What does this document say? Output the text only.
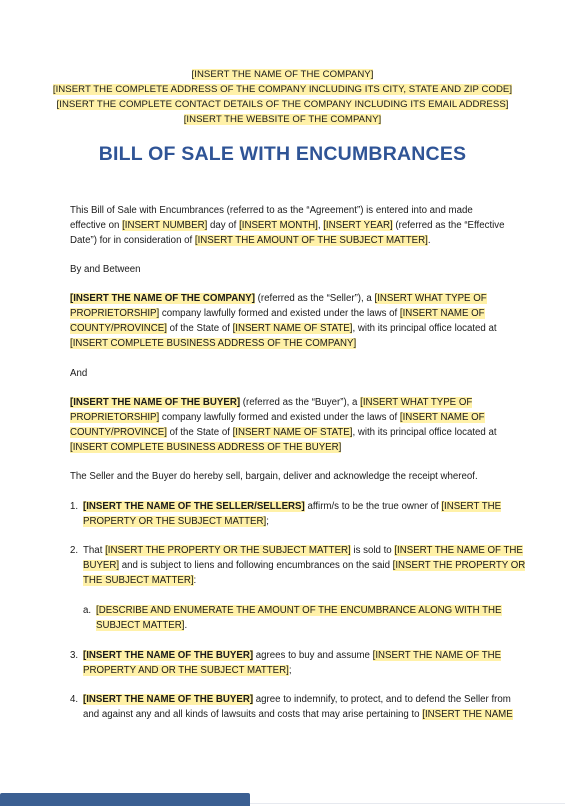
[INSERT THE NAME OF THE COMPANY]
[INSERT THE COMPLETE ADDRESS OF THE COMPANY INCLUDING ITS CITY, STATE AND ZIP CODE]
[INSERT THE COMPLETE CONTACT DETAILS OF THE COMPANY INCLUDING ITS EMAIL ADDRESS]
[INSERT THE WEBSITE OF THE COMPANY]
BILL OF SALE WITH ENCUMBRANCES
This Bill of Sale with Encumbrances (referred to as the “Agreement”) is entered into and made
effective on [INSERT NUMBER] day of [INSERT MONTH], [INSERT YEAR] (referred as the “Effective
Date”) for in consideration of [INSERT THE AMOUNT OF THE SUBJECT MATTER].
By and Between
[INSERT THE NAME OF THE COMPANY] (referred as the “Seller”), a [INSERT WHAT TYPE OF
PROPRIETORSHIP] company lawfully formed and existed under the laws of [INSERT NAME OF
COUNTY/PROVINCE] of the State of [INSERT NAME OF STATE], with its principal office located at
[INSERT COMPLETE BUSINESS ADDRESS OF THE COMPANY]
And
[INSERT THE NAME OF THE BUYER] (referred as the “Buyer”), a [INSERT WHAT TYPE OF
PROPRIETORSHIP] company lawfully formed and existed under the laws of [INSERT NAME OF
COUNTY/PROVINCE] of the State of [INSERT NAME OF STATE], with its principal office located at
[INSERT COMPLETE BUSINESS ADDRESS OF THE BUYER]
The Seller and the Buyer do hereby sell, bargain, deliver and acknowledge the receipt whereof.
1. [INSERT THE NAME OF THE SELLER/SELLERS] affirm/s to be the true owner of [INSERT THE
PROPERTY OR THE SUBJECT MATTER];
2. That [INSERT THE PROPERTY OR THE SUBJECT MATTER] is sold to [INSERT THE NAME OF THE
BUYER] and is subject to liens and following encumbrances on the said [INSERT THE PROPERTY OR
THE SUBJECT MATTER]:
a. [DESCRIBE AND ENUMERATE THE AMOUNT OF THE ENCUMBRANCE ALONG WITH THE
SUBJECT MATTER].
3. [INSERT THE NAME OF THE BUYER] agrees to buy and assume [INSERT THE NAME OF THE
PROPERTY AND OR THE SUBJECT MATTER];
4. [INSERT THE NAME OF THE BUYER] agree to indemnify, to protect, and to defend the Seller from
and against any and all kinds of lawsuits and costs that may arise pertaining to [INSERT THE NAME
